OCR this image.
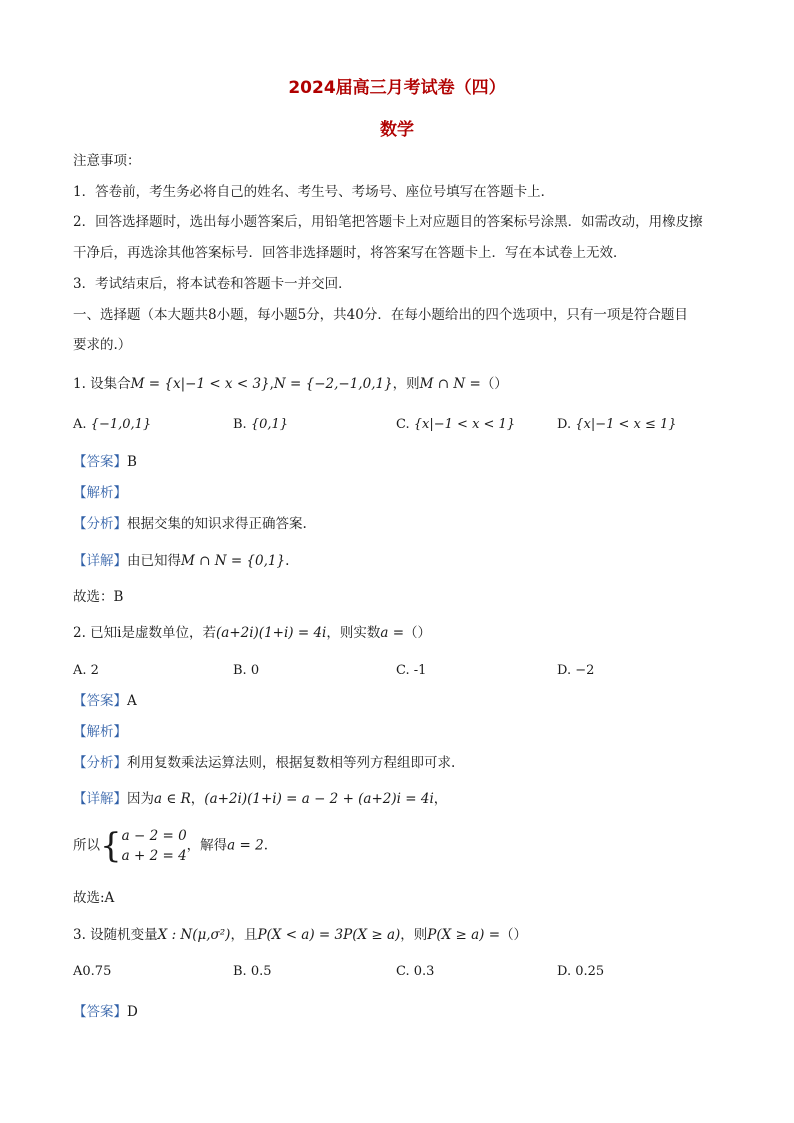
2024届高三月考试卷（四）
数学
注意事项：
1．答卷前，考生务必将自己的姓名、考生号、考场号、座位号填写在答题卡上．
2．回答选择题时，选出每小题答案后，用铅笔把答题卡上对应题目的答案标号涂黑．如需改动，用橡皮擦
干净后，再选涂其他答案标号．回答非选择题时，将答案写在答题卡上．写在本试卷上无效．
3．考试结束后，将本试卷和答题卡一并交回．
一、选择题（本大题共8小题，每小题5分，共40分．在每小题给出的四个选项中，只有一项是符合题目
要求的.）
1. 设集合M = {x|−1 < x < 3},N = {−2,−1,0,1}，则M ∩ N =（）
A. {−1,0,1}	B. {0,1}	C. {x|−1 < x < 1}	D. {x|−1 < x ≤ 1}
【答案】B
【解析】
【分析】根据交集的知识求得正确答案.
【详解】由已知得M ∩ N = {0,1}.
故选：B
2. 已知i是虚数单位，若(a+2i)(1+i) = 4i，则实数a =（）
A. 2	B. 0	C. -1	D. −2
【答案】A
【解析】
【分析】利用复数乘法运算法则，根据复数相等列方程组即可求.
【详解】因为a ∈ R，(a+2i)(1+i) = a − 2 + (a+2)i = 4i，
所以{a − 2 = 0
a + 2 = 4，解得a = 2.
故选:A
3. 设随机变量X : N(μ,σ²)，且P(X < a) = 3P(X ≥ a)，则P(X ≥ a) =（）
A0.75	B. 0.5	C. 0.3	D. 0.25
【答案】D
